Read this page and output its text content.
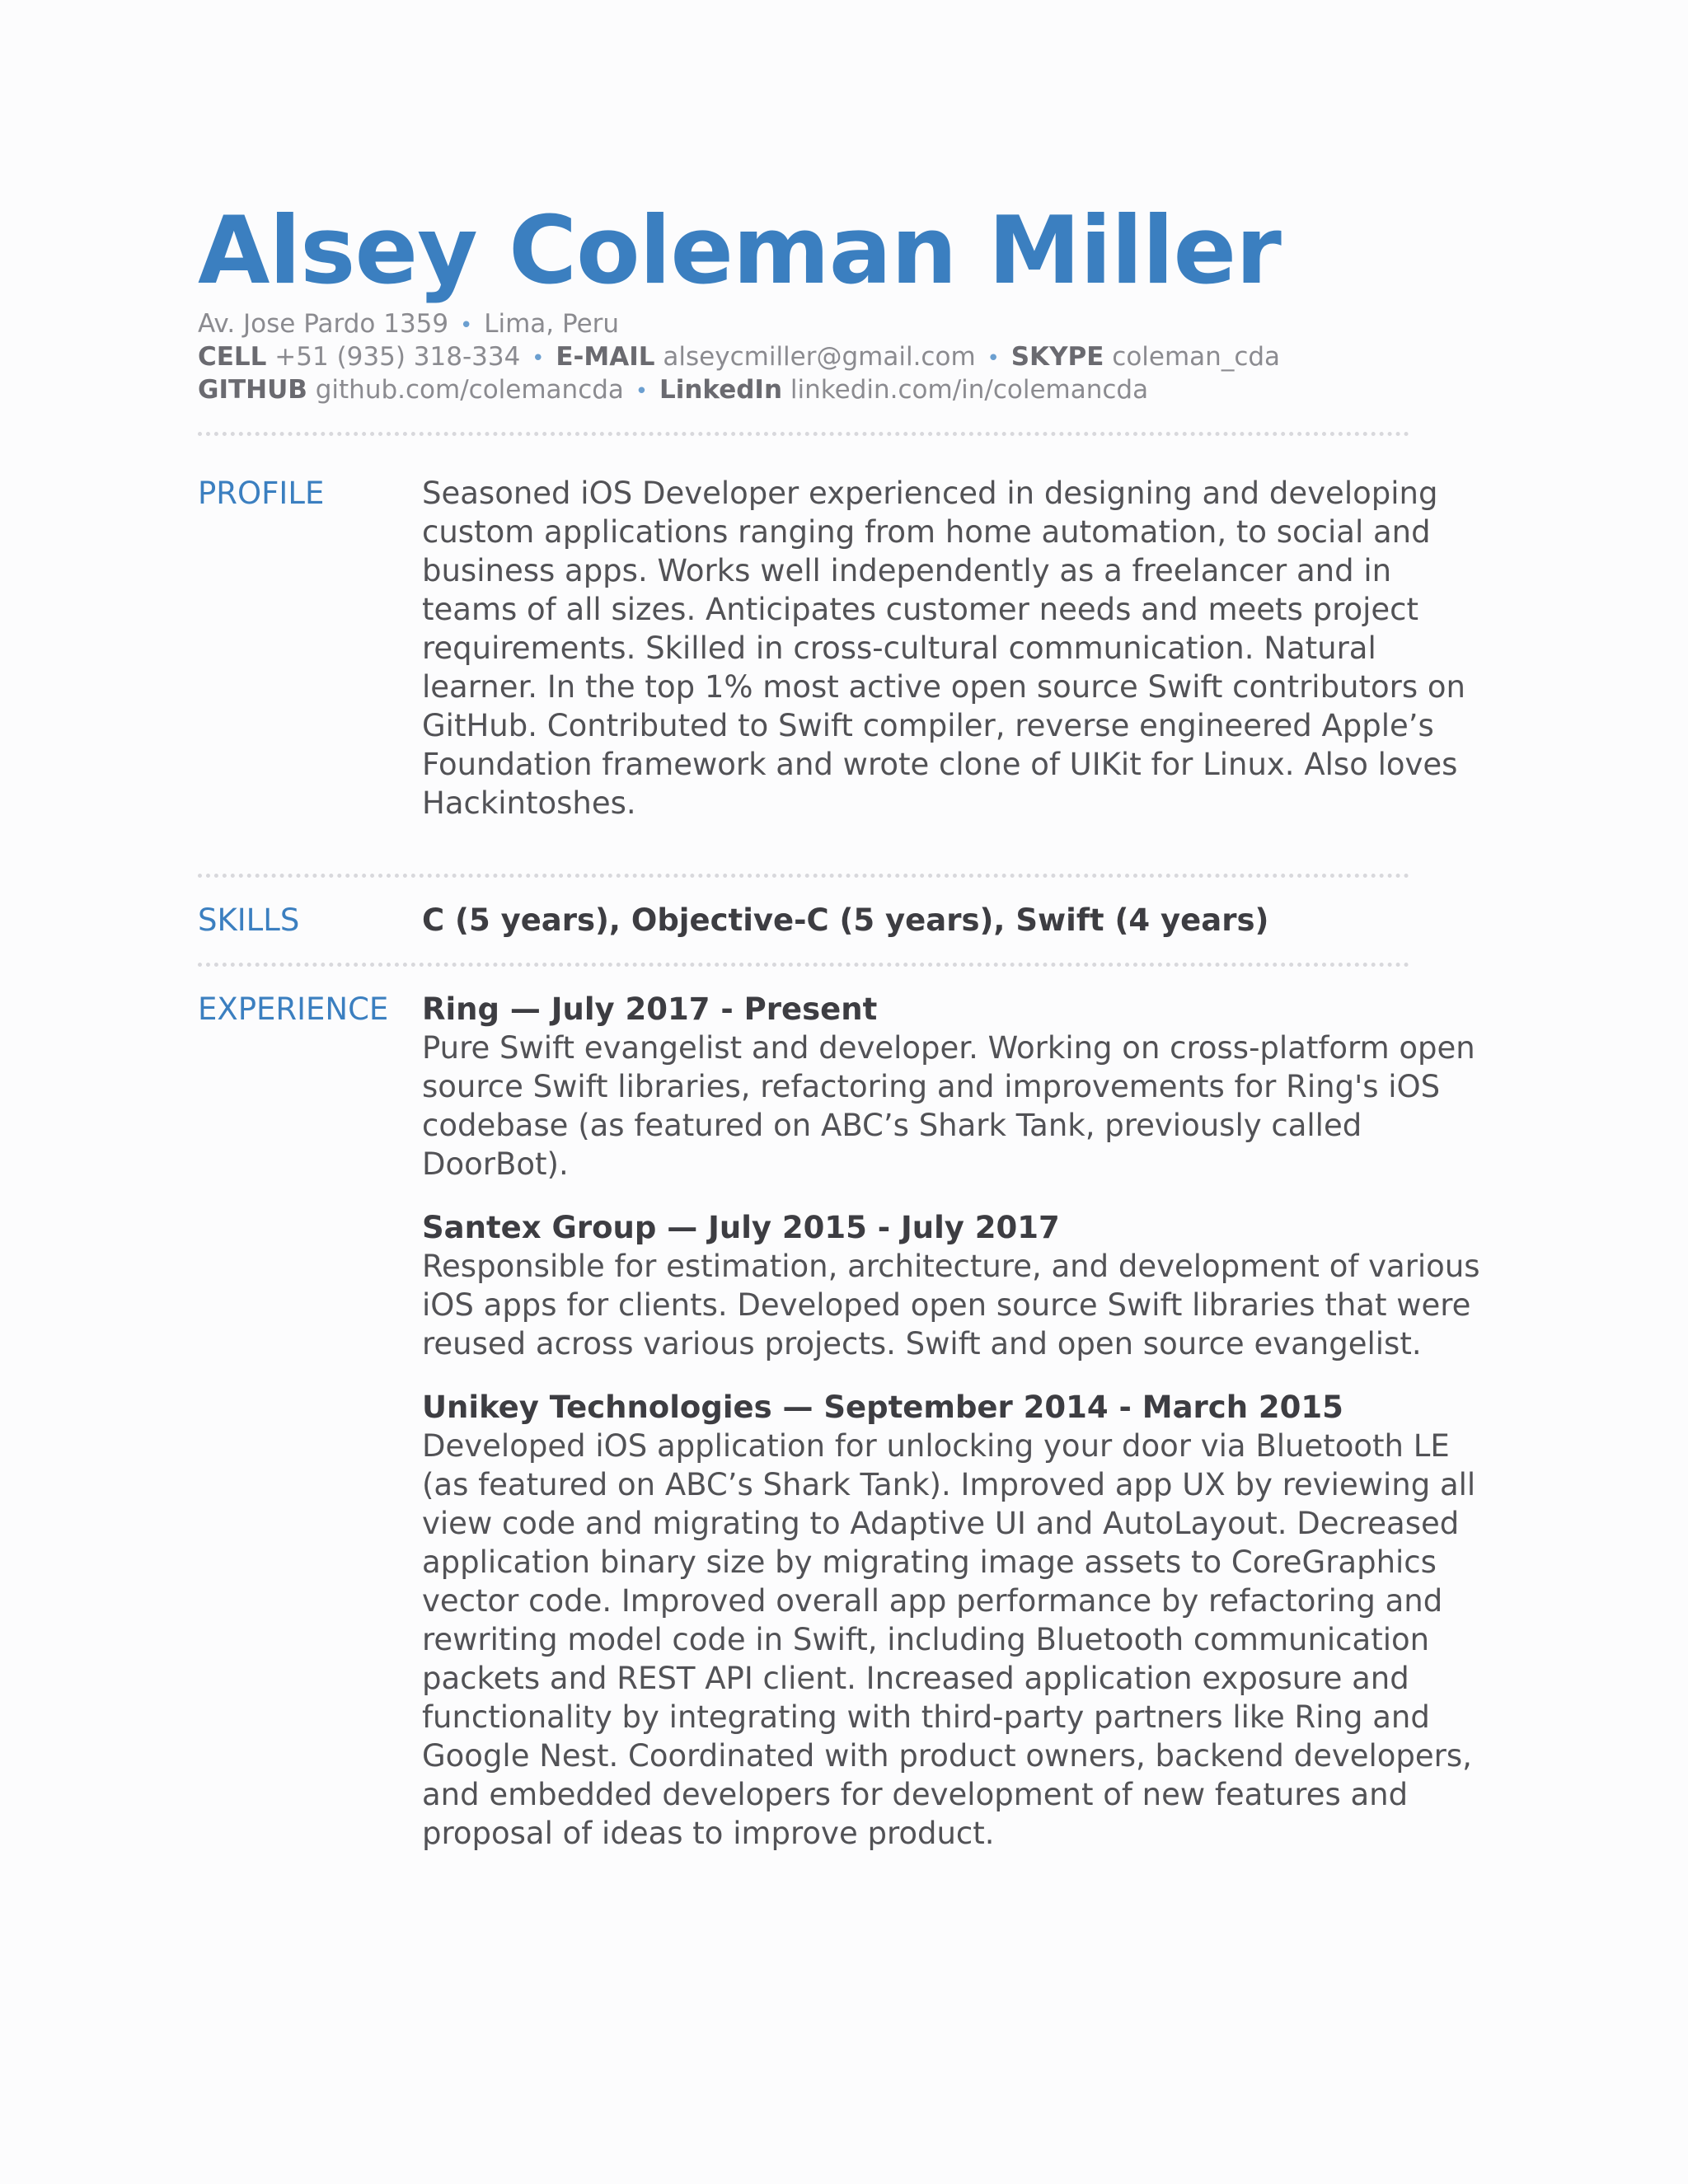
Alsey Coleman Miller
Av. Jose Pardo 1359 • Lima, Peru
CELL +51 (935) 318-334 • E-MAIL alseycmiller@gmail.com • SKYPE coleman_cda
GITHUB github.com/colemancda • LinkedIn linkedin.com/in/colemancda
PROFILE	Seasoned iOS Developer experienced in designing and developing custom applications ranging from home automation, to social and business apps. Works well independently as a freelancer and in teams of all sizes. Anticipates customer needs and meets project requirements. Skilled in cross-cultural communication. Natural learner. In the top 1% most active open source Swift contributors on GitHub. Contributed to Swift compiler, reverse engineered Apple’s Foundation framework and wrote clone of UIKit for Linux. Also loves Hackintoshes.

SKILLS	C (5 years), Objective-C (5 years), Swift (4 years)
EXPERIENCE	Ring — July 2017 - Present

Pure Swift evangelist and developer. Working on cross-platform open source Swift libraries, refactoring and improvements for Ring's iOS codebase (as featured on ABC’s Shark Tank, previously called DoorBot).

Santex Group — July 2015 - July 2017

Responsible for estimation, architecture, and development of various iOS apps for clients. Developed open source Swift libraries that were reused across various projects. Swift and open source evangelist.

Unikey Technologies — September 2014 - March 2015

Developed iOS application for unlocking your door via Bluetooth LE (as featured on ABC’s Shark Tank). Improved app UX by reviewing all view code and migrating to Adaptive UI and AutoLayout. Decreased application binary size by migrating image assets to CoreGraphics vector code. Improved overall app performance by refactoring and rewriting model code in Swift, including Bluetooth communication packets and REST API client. Increased application exposure and functionality by integrating with third-party partners like Ring and Google Nest. Coordinated with product owners, backend developers, and embedded developers for development of new features and proposal of ideas to improve product.
